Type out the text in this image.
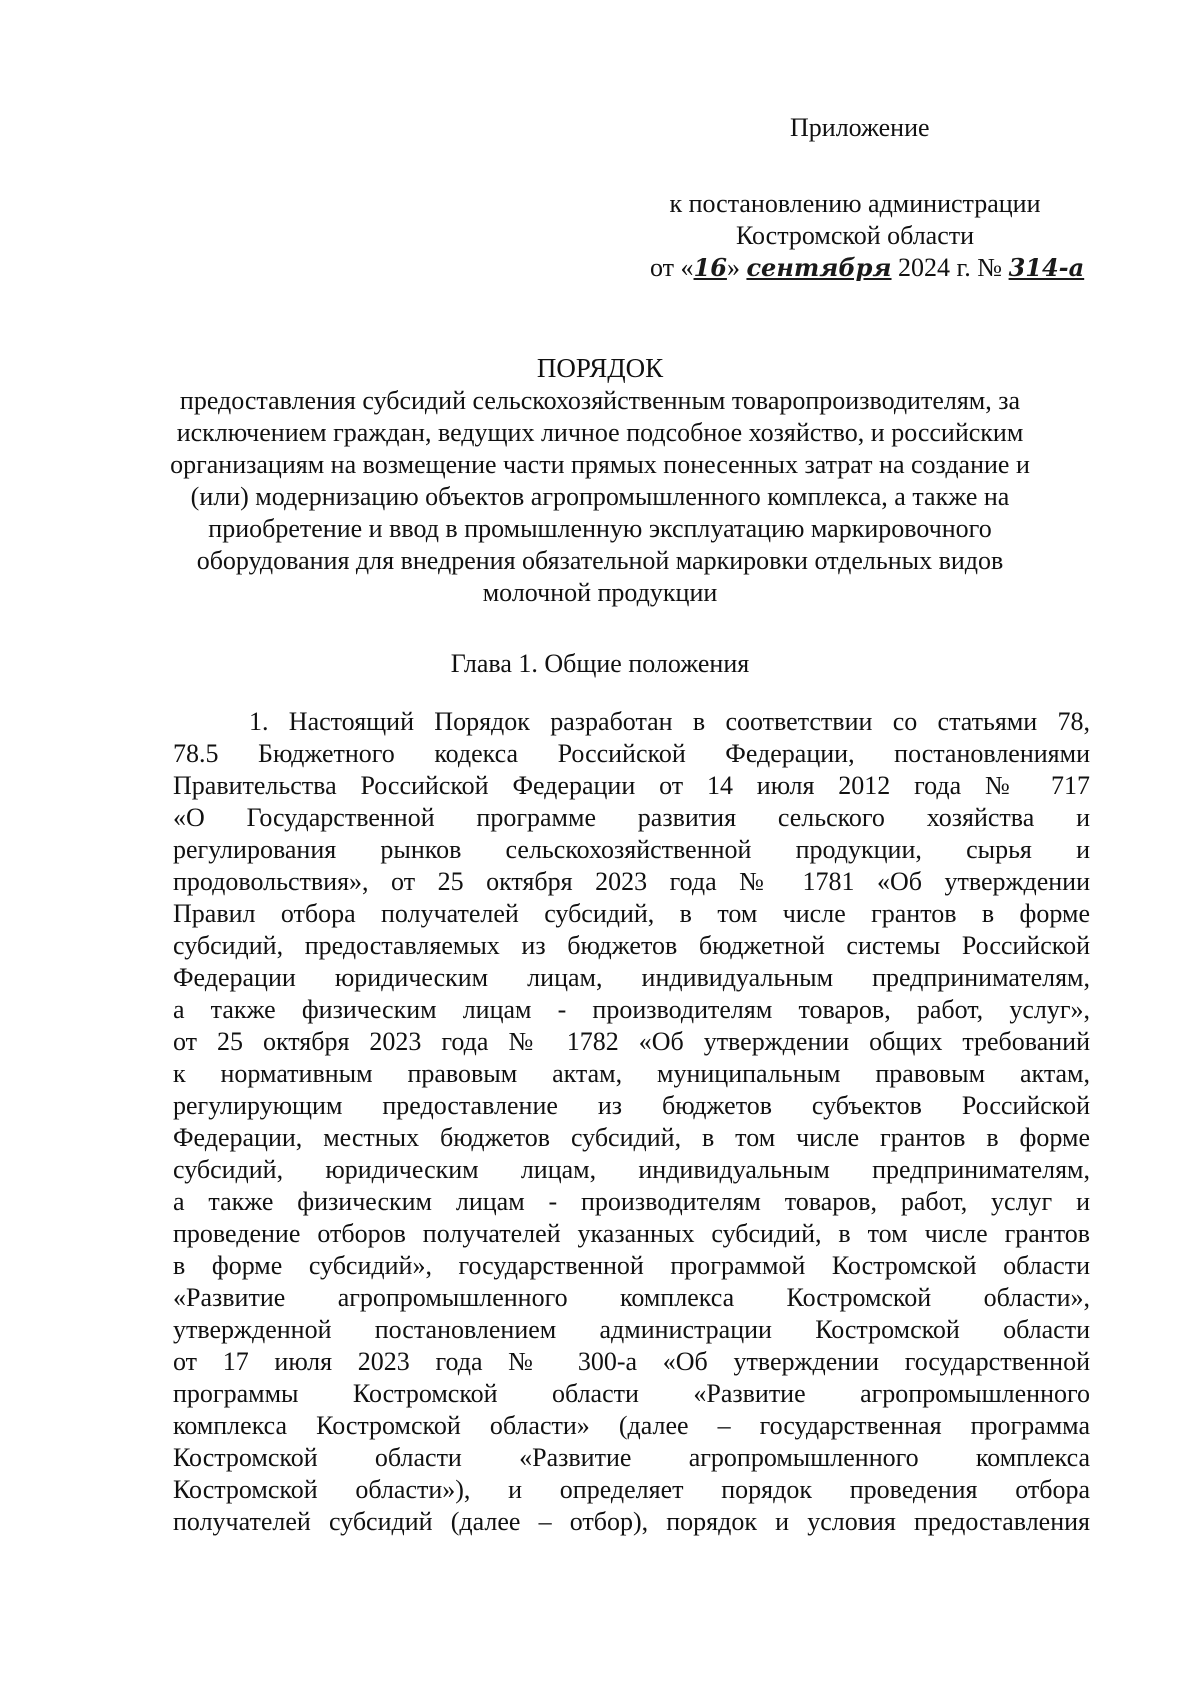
Приложение
к постановлению администрации Костромской области
от «16» сентября 2024 г. № 314-а
ПОРЯДОК
предоставления субсидий сельскохозяйственным товаропроизводителям, за исключением граждан, ведущих личное подсобное хозяйство, и российским организациям на возмещение части прямых понесенных затрат на создание и (или) модернизацию объектов агропромышленного комплекса, а также на приобретение и ввод в промышленную эксплуатацию маркировочного оборудования для внедрения обязательной маркировки отдельных видов молочной продукции
Глава 1. Общие положения
1. Настоящий Порядок разработан в соответствии со статьями 78,
78.5 Бюджетного кодекса Российской Федерации, постановлениями
Правительства Российской Федерации от 14 июля 2012 года № 717
«О Государственной программе развития сельского хозяйства и
регулирования рынков сельскохозяйственной продукции, сырья и
продовольствия», от 25 октября 2023 года № 1781 «Об утверждении
Правил отбора получателей субсидий, в том числе грантов в форме
субсидий, предоставляемых из бюджетов бюджетной системы Российской
Федерации юридическим лицам, индивидуальным предпринимателям,
а также физическим лицам - производителям товаров, работ, услуг»,
от 25 октября 2023 года № 1782 «Об утверждении общих требований
к нормативным правовым актам, муниципальным правовым актам,
регулирующим предоставление из бюджетов субъектов Российской
Федерации, местных бюджетов субсидий, в том числе грантов в форме
субсидий, юридическим лицам, индивидуальным предпринимателям,
а также физическим лицам - производителям товаров, работ, услуг и
проведение отборов получателей указанных субсидий, в том числе грантов
в форме субсидий», государственной программой Костромской области
«Развитие агропромышленного комплекса Костромской области»,
утвержденной постановлением администрации Костромской области
от 17 июля 2023 года № 300-а «Об утверждении государственной
программы Костромской области «Развитие агропромышленного
комплекса Костромской области» (далее – государственная программа
Костромской области «Развитие агропромышленного комплекса
Костромской области»), и определяет порядок проведения отбора
получателей субсидий (далее – отбор), порядок и условия предоставления
